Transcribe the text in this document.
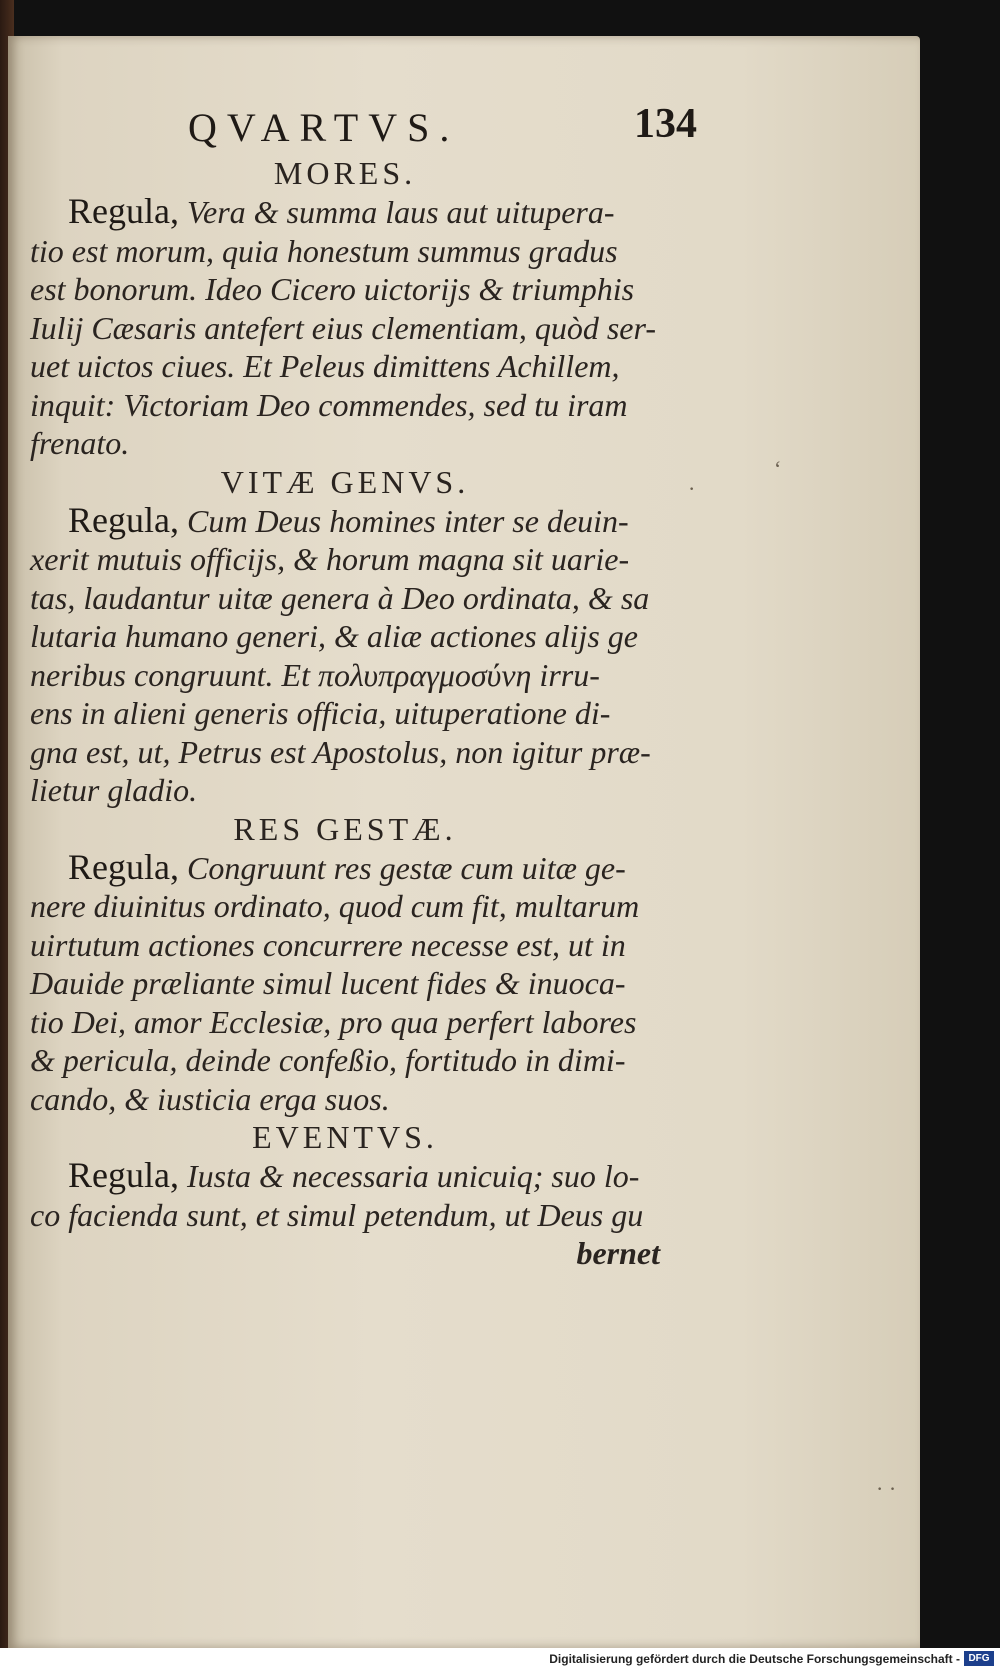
QVARTVS.	134
MORES.
Regula, Vera & summa laus aut uitupera-
tio est morum, quia honestum summus gradus
est bonorum. Ideo Cicero uictorijs & triumphis
Iulij Cæsaris antefert eius clementiam, quòd ser-
uet uictos ciues. Et Peleus dimittens Achillem,
inquit: Victoriam Deo commendes, sed tu iram
frenato.
VITÆ GENVS.
Regula, Cum Deus homines inter se deuin-
xerit mutuis officijs, & horum magna sit uarie-
tas, laudantur uitæ genera à Deo ordinata, & sa
lutaria humano generi, & aliæ actiones alijs ge
neribus congruunt. Et πολυπραγμοσύνη irru-
ens in alieni generis officia, uituperatione di-
gna est, ut, Petrus est Apostolus, non igitur præ-
lietur gladio.
RES GESTÆ.
Regula, Congruunt res gestæ cum uitæ ge-
nere diuinitus ordinato, quod cum fit, multarum
uirtutum actiones concurrere necesse est, ut in
Dauide præliante simul lucent fides & inuoca-
tio Dei, amor Ecclesiæ, pro qua perfert labores
& pericula, deinde confeßio, fortitudo in dimi-
cando, & iusticia erga suos.
EVENTVS.
Regula, Iusta & necessaria unicuiq; suo lo-
co facienda sunt, et simul petendum, ut Deus gu
bernet
‘
·
· ·
Digitalisierung gefördert durch die Deutsche Forschungsgemeinschaft - DFG
